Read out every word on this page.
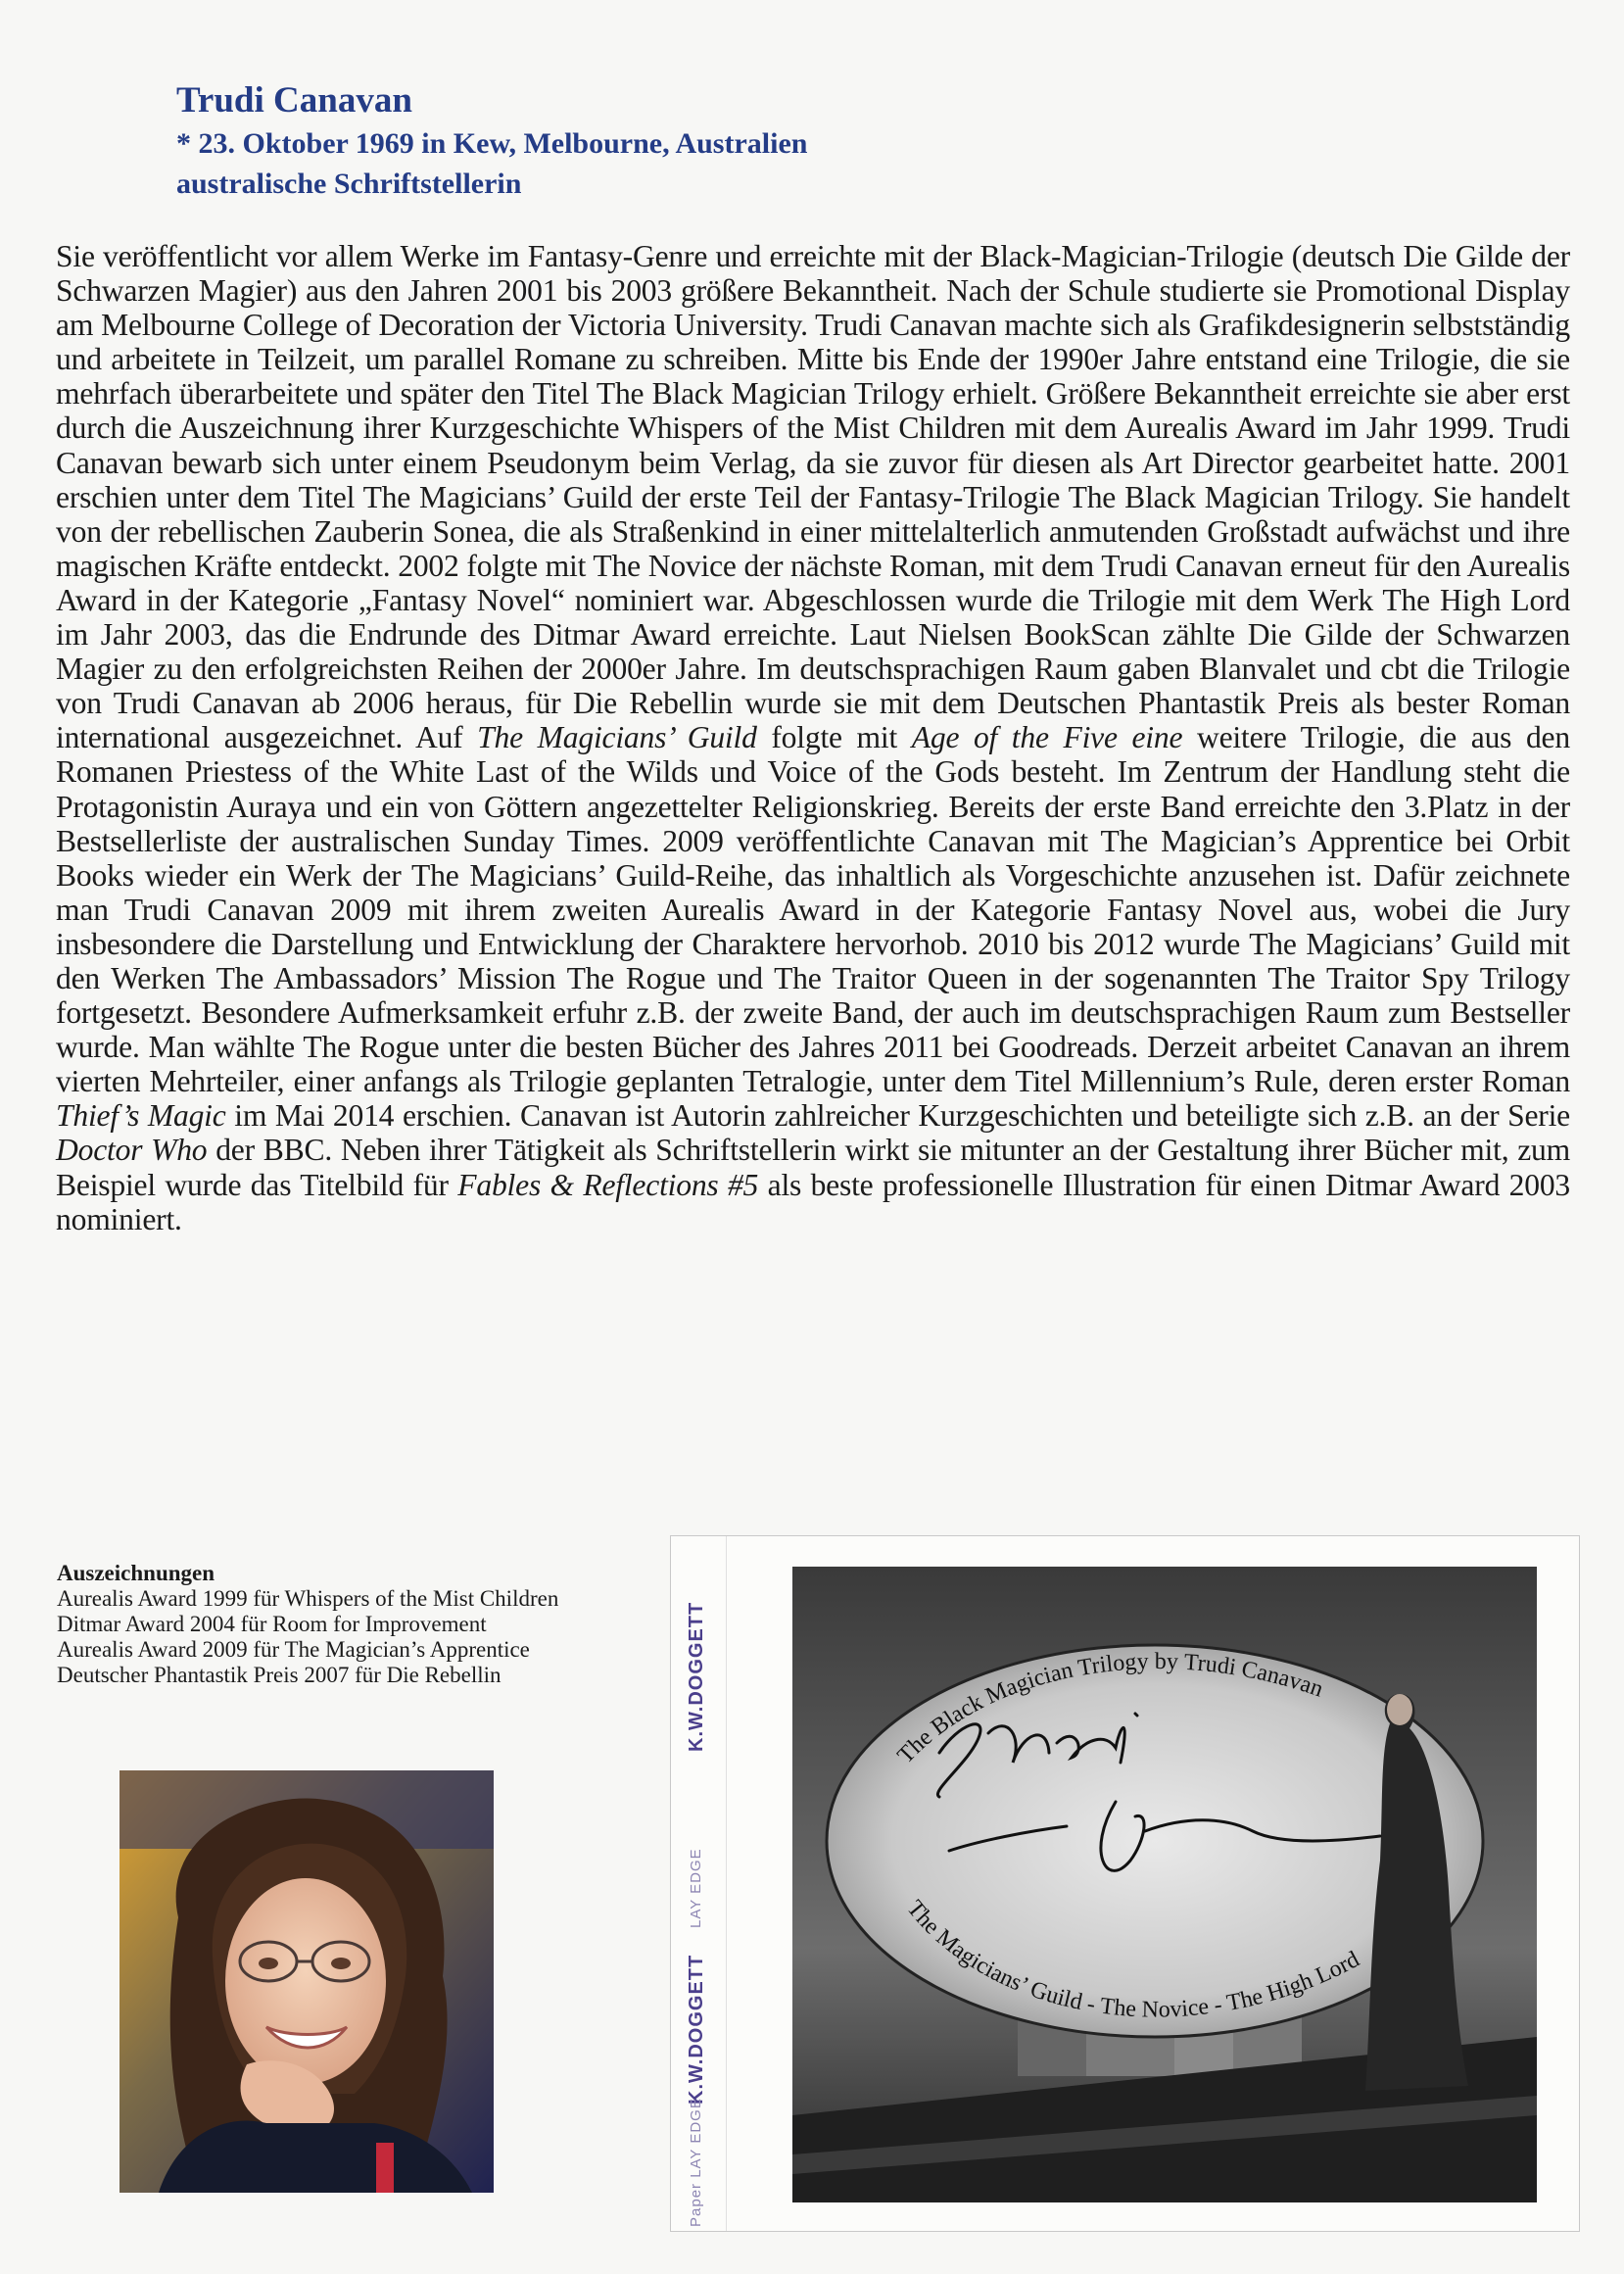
Trudi Canavan
* 23. Oktober 1969 in Kew, Melbourne, Australien
australische Schriftstellerin
Sie veröffentlicht vor allem Werke im Fantasy-Genre und erreichte mit der Black-Magician-Trilogie (deutsch Die Gilde der Schwarzen Magier) aus den Jahren 2001 bis 2003 größere Bekanntheit. Nach der Schule studierte sie Promotional Display am Melbourne College of Decoration der Victoria University. Trudi Canavan machte sich als Grafikdesignerin selbstständig und arbeitete in Teilzeit, um parallel Romane zu schreiben. Mitte bis Ende der 1990er Jahre entstand eine Trilogie, die sie mehrfach überarbeitete und später den Titel The Black Magician Trilogy erhielt. Größere Bekanntheit erreichte sie aber erst durch die Auszeichnung ihrer Kurzgeschichte Whispers of the Mist Children mit dem Aurealis Award im Jahr 1999. Trudi Canavan bewarb sich unter einem Pseudonym beim Verlag, da sie zuvor für diesen als Art Director gearbeitet hatte. 2001 erschien unter dem Titel The Magicians’ Guild der erste Teil der Fantasy-Trilogie The Black Magician Trilogy. Sie handelt von der rebellischen Zauberin Sonea, die als Straßenkind in einer mittelalterlich anmutenden Großstadt aufwächst und ihre magischen Kräfte entdeckt. 2002 folgte mit The Novice der nächste Roman, mit dem Trudi Canavan erneut für den Aurealis Award in der Kategorie „Fantasy Novel“ nominiert war. Abgeschlossen wurde die Trilogie mit dem Werk The High Lord im Jahr 2003, das die Endrunde des Ditmar Award erreichte. Laut Nielsen BookScan zählte Die Gilde der Schwarzen Magier zu den erfolgreichsten Reihen der 2000er Jahre. Im deutschsprachigen Raum gaben Blanvalet und cbt die Trilogie von Trudi Canavan ab 2006 heraus, für Die Rebellin wurde sie mit dem Deutschen Phantastik Preis als bester Roman international ausgezeichnet. Auf The Magicians’ Guild folgte mit Age of the Five eine weitere Trilogie, die aus den Romanen Priestess of the White Last of the Wilds und Voice of the Gods besteht. Im Zentrum der Handlung steht die Protagonistin Auraya und ein von Göttern angezettelter Religionskrieg. Bereits der erste Band erreichte den 3.Platz in der Bestsellerliste der australischen Sunday Times. 2009 veröffentlichte Canavan mit The Magician’s Apprentice bei Orbit Books wieder ein Werk der The Magicians’ Guild-Reihe, das inhaltlich als Vorgeschichte anzusehen ist. Dafür zeichnete man Trudi Canavan 2009 mit ihrem zweiten Aurealis Award in der Kategorie Fantasy Novel aus, wobei die Jury insbesondere die Darstellung und Entwicklung der Charaktere hervorhob. 2010 bis 2012 wurde The Magicians’ Guild mit den Werken The Ambassadors’ Mission The Rogue und The Traitor Queen in der sogenannten The Traitor Spy Trilogy fortgesetzt. Besondere Aufmerksamkeit erfuhr z.B. der zweite Band, der auch im deutschsprachigen Raum zum Bestseller wurde. Man wählte The Rogue unter die besten Bücher des Jahres 2011 bei Goodreads. Derzeit arbeitet Canavan an ihrem vierten Mehrteiler, einer anfangs als Trilogie geplanten Tetralogie, unter dem Titel Millennium’s Rule, deren erster Roman Thief’s Magic im Mai 2014 erschien. Canavan ist Autorin zahlreicher Kurzgeschichten und beteiligte sich z.B. an der Serie Doctor Who der BBC. Neben ihrer Tätigkeit als Schriftstellerin wirkt sie mitunter an der Gestaltung ihrer Bücher mit, zum Beispiel wurde das Titelbild für Fables & Reflections #5 als beste professionelle Illustration für einen Ditmar Award 2003 nominiert.
Auszeichnungen
Aurealis Award 1999 für Whispers of the Mist Children
Ditmar Award 2004 für Room for Improvement
Aurealis Award 2009 für The Magician’s Apprentice
Deutscher Phantastik Preis 2007 für Die Rebellin	K.W.DOGGETT
LAY EDGE
K.W.DOGGETT
Paper LAY EDGE
The Black Magician Trilogy by Trudi Canavan
The Magicians’ Guild - The Novice - The High Lord
